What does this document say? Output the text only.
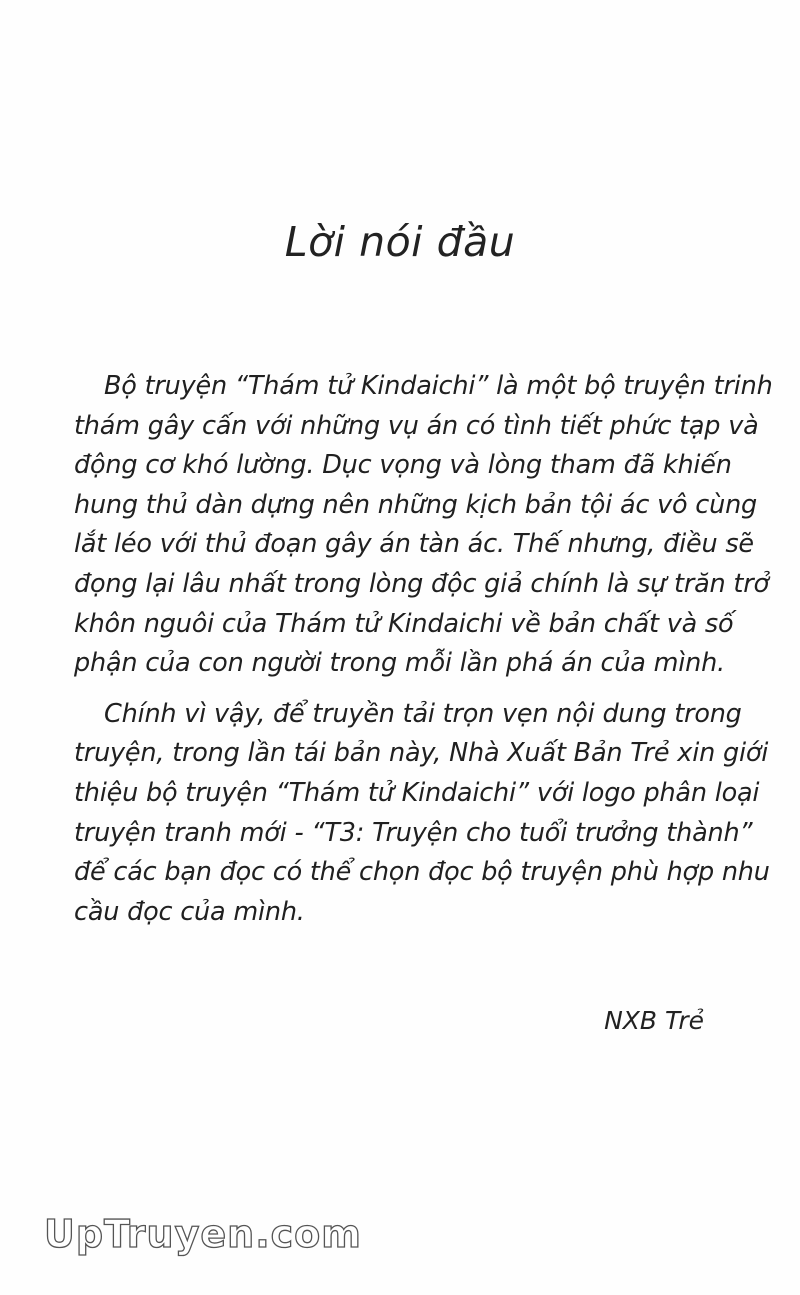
Lời nói đầu

Bộ truyện “Thám tử Kindaichi” là một bộ truyện trinh
thám gây cấn với những vụ án có tình tiết phức tạp và
động cơ khó lường. Dục vọng và lòng tham đã khiến
hung thủ dàn dựng nên những kịch bản tội ác vô cùng
lắt léo với thủ đoạn gây án tàn ác. Thế nhưng, điều sẽ
đọng lại lâu nhất trong lòng độc giả chính là sự trăn trở
khôn nguôi của Thám tử Kindaichi về bản chất và số
phận của con người trong mỗi lần phá án của mình.

Chính vì vậy, để truyền tải trọn vẹn nội dung trong
truyện, trong lần tái bản này, Nhà Xuất Bản Trẻ xin giới
thiệu bộ truyện “Thám tử Kindaichi” với logo phân loại
truyện tranh mới - “T3: Truyện cho tuổi trưởng thành”
để các bạn đọc có thể chọn đọc bộ truyện phù hợp nhu
cầu đọc của mình.

NXB Trẻ

UpTruyen.com
